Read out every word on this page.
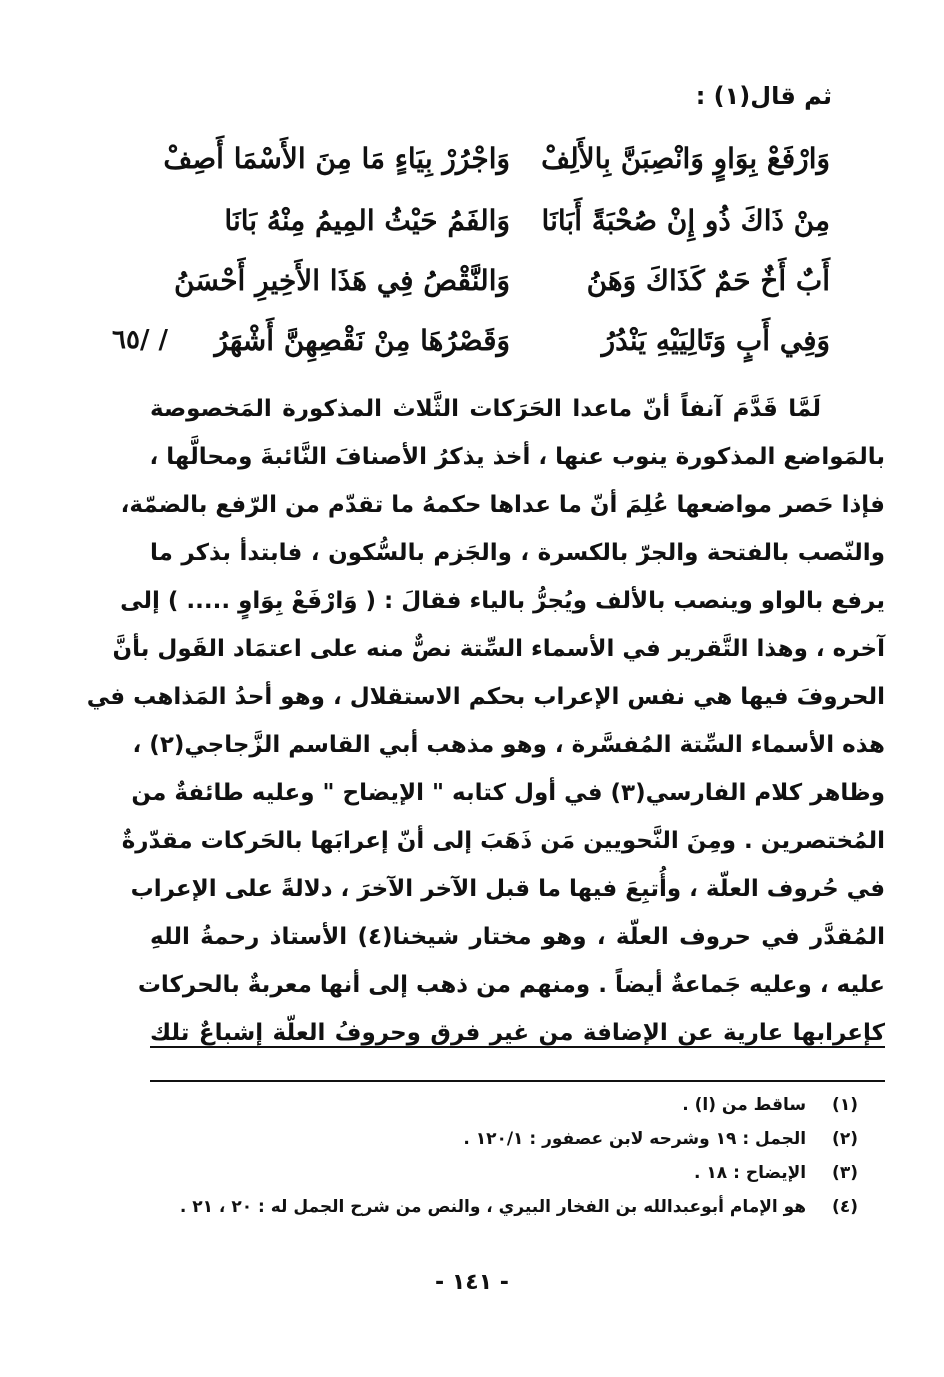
ثم قال(١) :
وَارْفَعْ بِوَاوٍ وَانْصِبَنَّ بِالأَلِفْ
وَاجْرُرْ بِيَاءٍ مَا مِنَ الأَسْمَا أَصِفْ
مِنْ ذَاكَ ذُو إِنْ صُحْبَةً أَبَانَا
وَالفَمُ حَيْثُ المِيمُ مِنْهُ بَانَا
أَبٌ أَخٌ حَمٌ كَذَاكَ وَهَنُ
وَالنَّقْصُ فِي هَذَا الأَخِيرِ أَحْسَنُ
وَفِي أَبٍ وَتَالِيَيْهِ يَنْدُرُ
وَقَصْرُهَا مِنْ نَقْصِهِنَّ أَشْهَرُ
٦٥/ /
لَمَّا قَدَّمَ آنفاً أنّ ماعدا الحَرَكات الثَّلاث المذكورة المَخصوصة
بالمَواضع المذكورة ينوب عنها ، أخذ يذكرُ الأصنافَ النَّائبةَ ومحالَّها ،
فإذا حَصر مواضعها عُلِمَ أنّ ما عداها حكمهُ ما تقدّم من الرّفع بالضمّة،
والنّصب بالفتحة والجرّ بالكسرة ، والجَزم بالسُّكون ، فابتدأ بذكر ما
يرفع بالواو وينصب بالألف ويُجرُّ بالياء فقالَ : ( وَارْفَعْ بِوَاوٍ ..... ) إلى
آخره ، وهذا التَّقرير في الأسماء السِّتة نصٌّ منه على اعتمَاد القَول بأنَّ
الحروفَ فيها هي نفس الإعراب بحكم الاستقلال ، وهو أحدُ المَذاهب في
هذه الأسماء السِّتة المُفسَّرة ، وهو مذهب أبي القاسم الزَّجاجي(٢) ،
وظاهر كلام الفارسي(٣) في أول كتابه " الإيضاح " وعليه طائفةٌ من
المُختصرين . ومِنَ النَّحويين مَن ذَهَبَ إلى أنّ إعرابَها بالحَركات مقدّرةٌ
في حُروف العلّة ، وأُتبِعَ فيها ما قبل الآخر الآخرَ ، دلالةً على الإعراب
المُقدَّر في حروف العلّة ، وهو مختار شيخنا(٤) الأستاذ رحمةُ اللهِ
عليه ، وعليه جَماعةٌ أيضاً . ومنهم من ذهب إلى أنها معربةٌ بالحركات
كإعرابها عارية عن الإضافة من غير فرق وحروفُ العلّة إشباعٌ تلك
(١) ساقط من (ا) .
(٢) الجمل : ١٩ وشرحه لابن عصفور : ١٢٠/١ .
(٣) الإيضاح : ١٨ .
(٤) هو الإمام أبوعبدالله بن الفخار البيري ، والنص من شرح الجمل له : ٢٠ ، ٢١ .
- ١٤١ -
